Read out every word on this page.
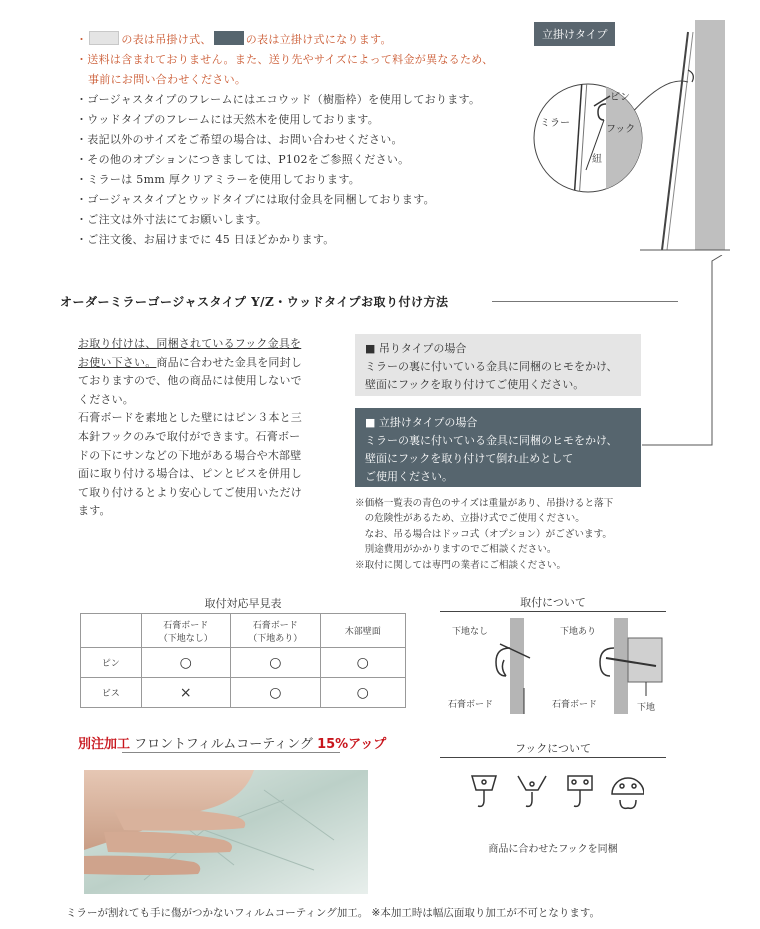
・	の表は吊掛け式、	の表は立掛け式になります。
・送料は含まれておりません。また、送り先やサイズによって料金が異なるため、
事前にお問い合わせください。
・ゴージャスタイプのフレームにはエコウッド（樹脂枠）を使用しております。
・ウッドタイプのフレームには天然木を使用しております。
・表記以外のサイズをご希望の場合は、お問い合わせください。
・その他のオプションにつきましては、P102をご参照ください。
・ミラーは 5mm 厚クリアミラーを使用しております。
・ゴージャスタイプとウッドタイプには取付金具を同梱しております。
・ご注文は外寸法にてお願いします。
・ご注文後、お届けまでに 45 日ほどかかります。
立掛けタイプ
ミラー
ピン
フック
紐
オーダーミラーゴージャスタイプ Y/Z・ウッドタイプお取り付け方法
お取り付けは、同梱されているフック金具を
お使い下さい。商品に合わせた金具を同封し
ておりますので、他の商品には使用しないで
ください。
石膏ボードを素地とした壁にはピン３本と三
本針フックのみで取付ができます。石膏ボー
ドの下にサンなどの下地がある場合や木部壁
面に取り付ける場合は、ピンとビスを併用し
て取り付けるとより安心してご使用いただけ
ます。
■ 吊りタイプの場合
ミラーの裏に付いている金具に同梱のヒモをかけ、
壁面にフックを取り付けてご使用ください。
■ 立掛けタイプの場合
ミラーの裏に付いている金具に同梱のヒモをかけ、
壁面にフックを取り付けて倒れ止めとして
ご使用ください。
※価格一覧表の青色のサイズは重量があり、吊掛けると落下
　の危険性があるため、立掛け式でご使用ください。
　なお、吊る場合はドッコ式（オプション）がございます。
　別途費用がかかりますのでご相談ください。
※取付に関しては専門の業者にご相談ください。
取付対応早見表
	石膏ボード
（下地なし）	石膏ボード
（下地あり）	木部壁面
ピン	○	○	○
ビス	×	○	○
取付について
下地なし	下地あり
石膏ボード	石膏ボード	下地
フックについて
商品に合わせたフックを同梱
別注加工 フロントフィルムコーティング 15%アップ
ミラーが割れても手に傷がつかないフィルムコーティング加工。 ※本加工時は幅広面取り加工が不可となります。
